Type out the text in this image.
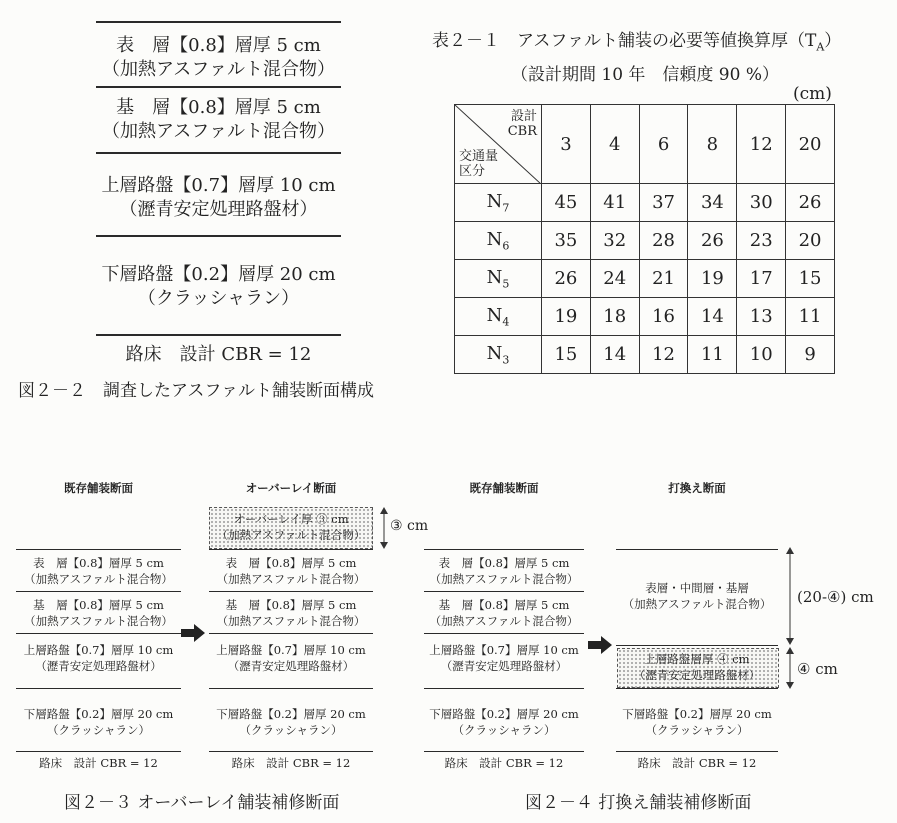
表　層【0.8】層厚 5 cm
（加熱アスファルト混合物）
基　層【0.8】層厚 5 cm
（加熱アスファルト混合物）
上層路盤【0.7】層厚 10 cm
（瀝青安定処理路盤材）
下層路盤【0.2】層厚 20 cm
（クラッシャラン）
路床　設計 CBR = 12
図２－２　調査したアスファルト舗装断面構成
表２－１　アスファルト舗装の必要等値換算厚$(T_A)$
（設計期間 10 年　信頼度 90 %）
(cm)
設計
CBR
交通量
区分	3	4	6	8	12	20
$N_7$	45	41	37	34	30	26
$N_6$	35	32	28	26	23	20
$N_5$	26	24	21	19	17	15
$N_4$	19	18	16	14	13	11
$N_3$	15	14	12	11	10	9
既存舗装断面
表　層【0.8】層厚 5 cm
（加熱アスファルト混合物）
基　層【0.8】層厚 5 cm
（加熱アスファルト混合物）
上層路盤【0.7】層厚 10 cm
（瀝青安定処理路盤材）
下層路盤【0.2】層厚 20 cm
（クラッシャラン）
路床　設計 CBR = 12
オーバーレイ断面
オーバーレイ厚 ③ cm
（加熱アスファルト混合物）
③ cm
表　層【0.8】層厚 5 cm
（加熱アスファルト混合物）
基　層【0.8】層厚 5 cm
（加熱アスファルト混合物）
上層路盤【0.7】層厚 10 cm
（瀝青安定処理路盤材）
下層路盤【0.2】層厚 20 cm
（クラッシャラン）
路床　設計 CBR = 12
図２－３ オーバーレイ舗装補修断面
既存舗装断面
表　層【0.8】層厚 5 cm
（加熱アスファルト混合物）
基　層【0.8】層厚 5 cm
（加熱アスファルト混合物）
上層路盤【0.7】層厚 10 cm
（瀝青安定処理路盤材）
下層路盤【0.2】層厚 20 cm
（クラッシャラン）
路床　設計 CBR = 12
打換え断面
表層・中間層・基層
（加熱アスファルト混合物）
上層路盤層厚 ④ cm
（瀝青安定処理路盤材）
下層路盤【0.2】層厚 20 cm
（クラッシャラン）
路床　設計 CBR = 12
(20-④) cm
④ cm
図２－４ 打換え舗装補修断面
